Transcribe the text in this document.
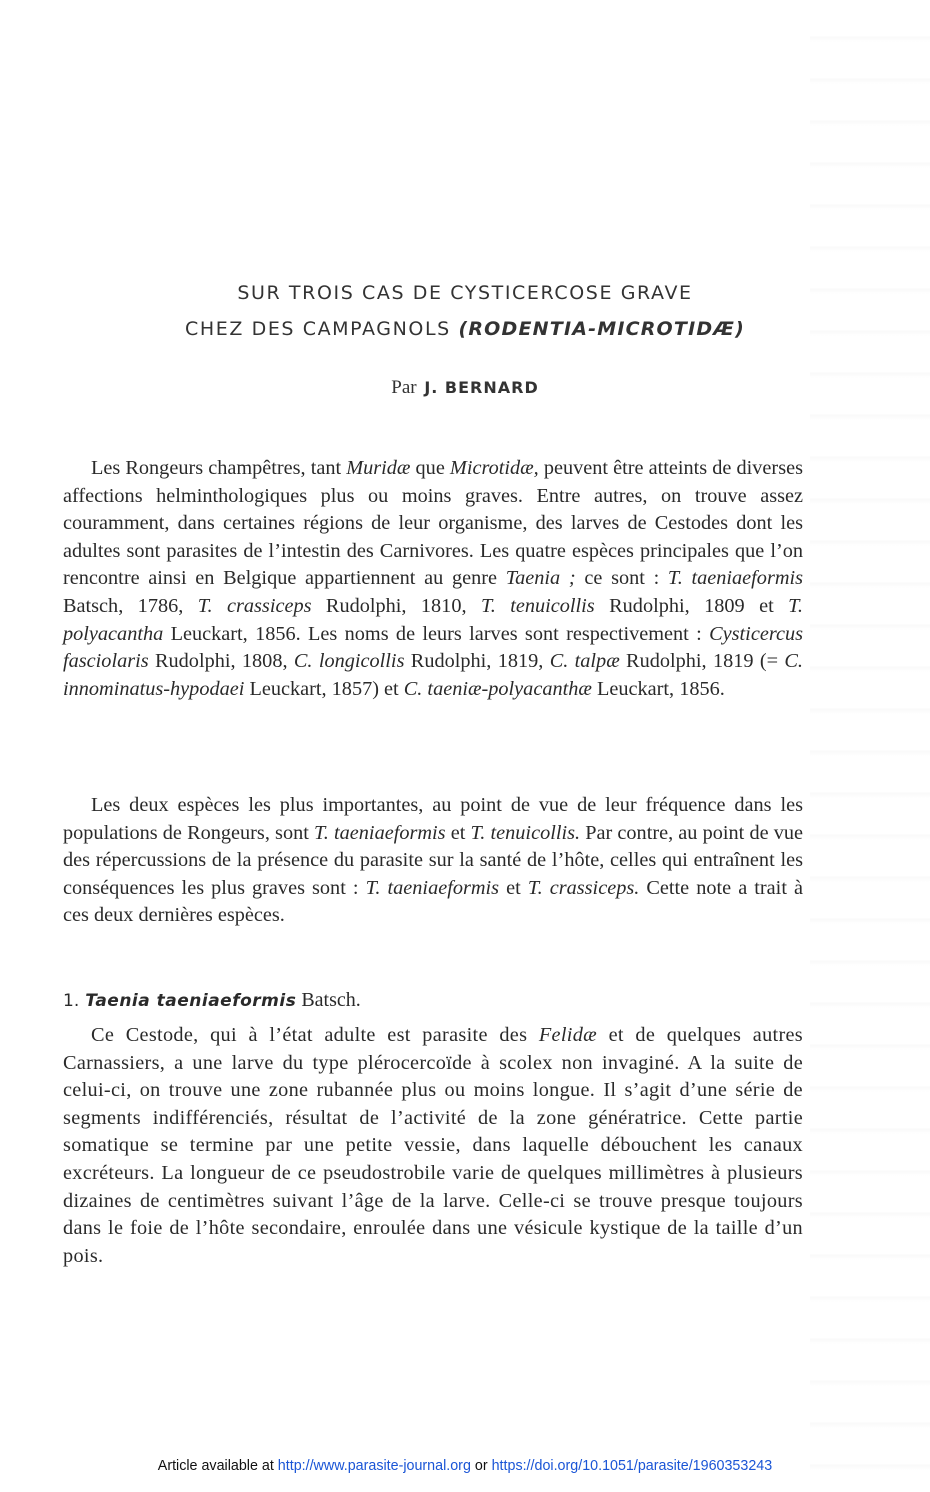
SUR TROIS CAS DE CYSTICERCOSE GRAVE
CHEZ DES CAMPAGNOLS (RODENTIA-MICROTIDÆ)
Par J. BERNARD

Les Rongeurs champêtres, tant Muridæ que Microtidæ, peuvent être atteints de diverses affections helminthologiques plus ou moins graves. Entre autres, on trouve assez couramment, dans certaines régions de leur organisme, des larves de Cestodes dont les adultes sont parasites de l’intestin des Carnivores. Les quatre espèces principales que l’on rencontre ainsi en Belgique appartiennent au genre Taenia ; ce sont : T. taeniaeformis Batsch, 1786, T. crassiceps Rudolphi, 1810, T. tenuicollis Rudolphi, 1809 et T. polyacantha Leuckart, 1856. Les noms de leurs larves sont respectivement : Cysticercus fasciolaris Rudolphi, 1808, C. longicollis Rudolphi, 1819, C. talpæ Rudolphi, 1819 (= C. innominatus-hypodaei Leuckart, 1857) et C. taeniæ-polyacanthæ Leuckart, 1856.

Les deux espèces les plus importantes, au point de vue de leur fréquence dans les populations de Rongeurs, sont T. taeniaeformis et T. tenuicollis. Par contre, au point de vue des répercussions de la présence du parasite sur la santé de l’hôte, celles qui entraînent les conséquences les plus graves sont : T. taeniaeformis et T. crassiceps. Cette note a trait à ces deux dernières espèces.

1. Taenia taeniaeformis Batsch.

Ce Cestode, qui à l’état adulte est parasite des Felidæ et de quelques autres Carnassiers, a une larve du type plérocercoïde à scolex non invaginé. A la suite de celui-ci, on trouve une zone rubannée plus ou moins longue. Il s’agit d’une série de segments indifférenciés, résultat de l’activité de la zone génératrice. Cette partie somatique se termine par une petite vessie, dans laquelle débouchent les canaux excréteurs. La longueur de ce pseudostrobile varie de quelques millimètres à plusieurs dizaines de centimètres suivant l’âge de la larve. Celle-ci se trouve presque toujours dans le foie de l’hôte secondaire, enroulée dans une vésicule kystique de la taille d’un pois.

Article available at http://www.parasite-journal.org or https://doi.org/10.1051/parasite/1960353243
